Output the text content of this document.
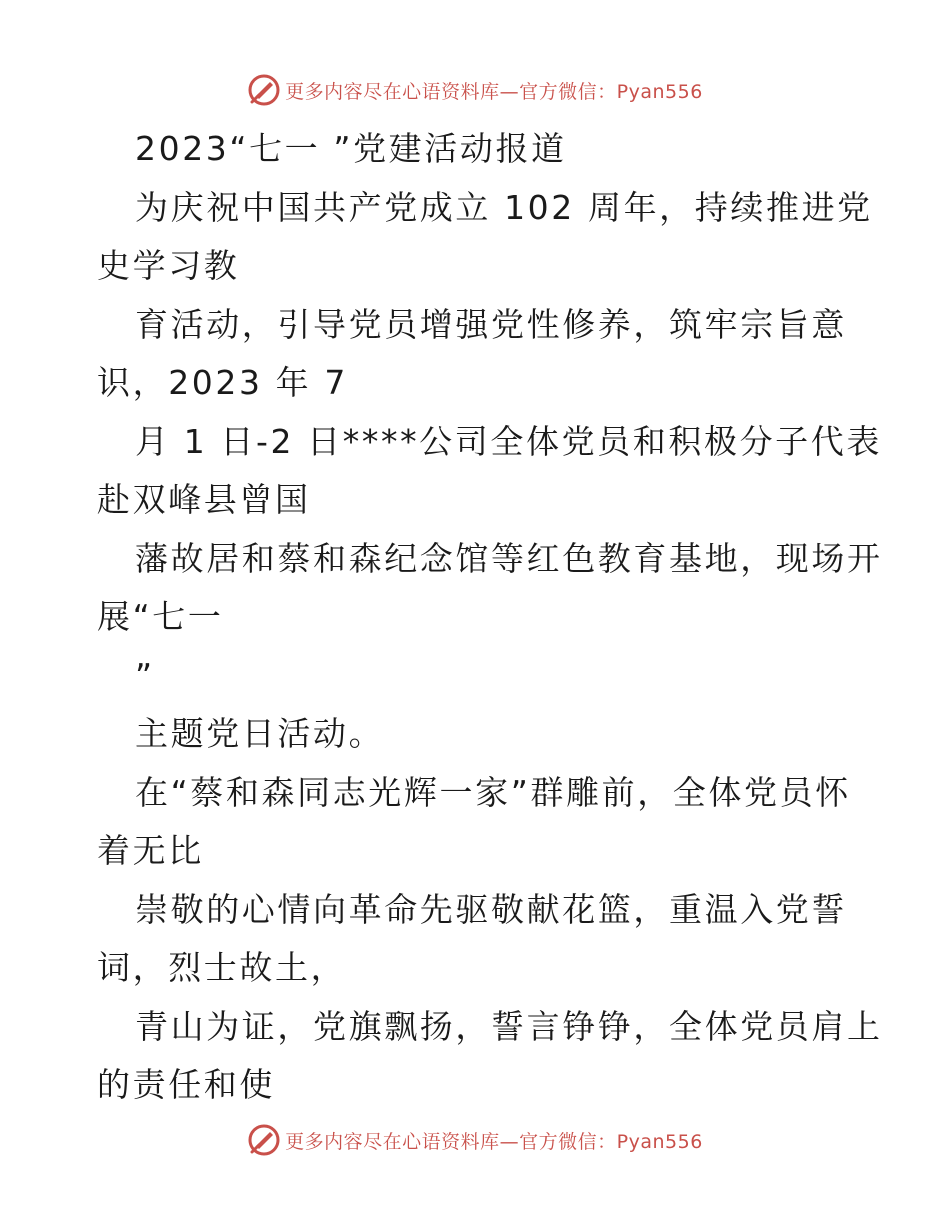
更多内容尽在心语资料库—官方微信：Pyan556
2023“七一 ”党建活动报道
为庆祝中国共产党成立 102 周年，持续推进党
史学习教
育活动，引导党员增强党性修养，筑牢宗旨意
识，2023 年 7
月 1 日-2 日****公司全体党员和积极分子代表
赴双峰县曾国
藩故居和蔡和森纪念馆等红色教育基地，现场开
展“七一
”
主题党日活动。
在“蔡和森同志光辉一家”群雕前，全体党员怀
着无比
崇敬的心情向革命先驱敬献花篮，重温入党誓
词，烈士故土，
青山为证，党旗飘扬，誓言铮铮，全体党员肩上
的责任和使
更多内容尽在心语资料库—官方微信：Pyan556
